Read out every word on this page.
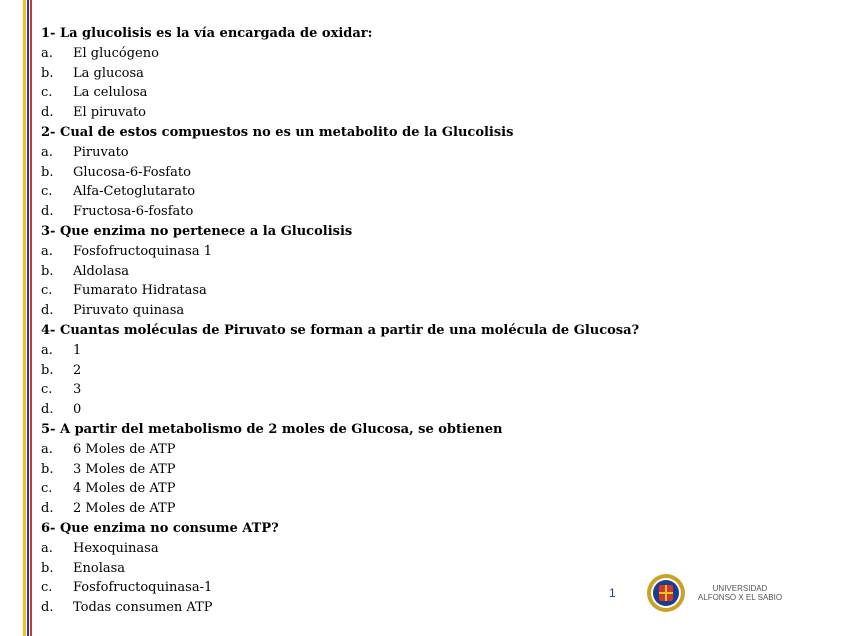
1- La glucolisis es la vía encargada de oxidar:
a. El glucógeno
b. La glucosa
c. La celulosa
d. El piruvato
2- Cual de estos compuestos no es un metabolito de la Glucolisis
a. Piruvato
b. Glucosa-6-Fosfato
c. Alfa-Cetoglutarato
d. Fructosa-6-fosfato
3- Que enzima no pertenece a la Glucolisis
a. Fosfofructoquinasa 1
b. Aldolasa
c. Fumarato Hidratasa
d. Piruvato quinasa
4- Cuantas moléculas de Piruvato se forman a partir de una molécula de Glucosa?
a. 1
b. 2
c. 3
d. 0
5- A partir del metabolismo de 2 moles de Glucosa, se obtienen
a. 6 Moles de ATP
b. 3 Moles de ATP
c. 4 Moles de ATP
d. 2 Moles de ATP
6- Que enzima no consume ATP?
a. Hexoquinasa
b. Enolasa
c. Fosfofructoquinasa-1
d. Todas consumen ATP
1	UNIVERSIDAD
ALFONSO X EL SABIO
